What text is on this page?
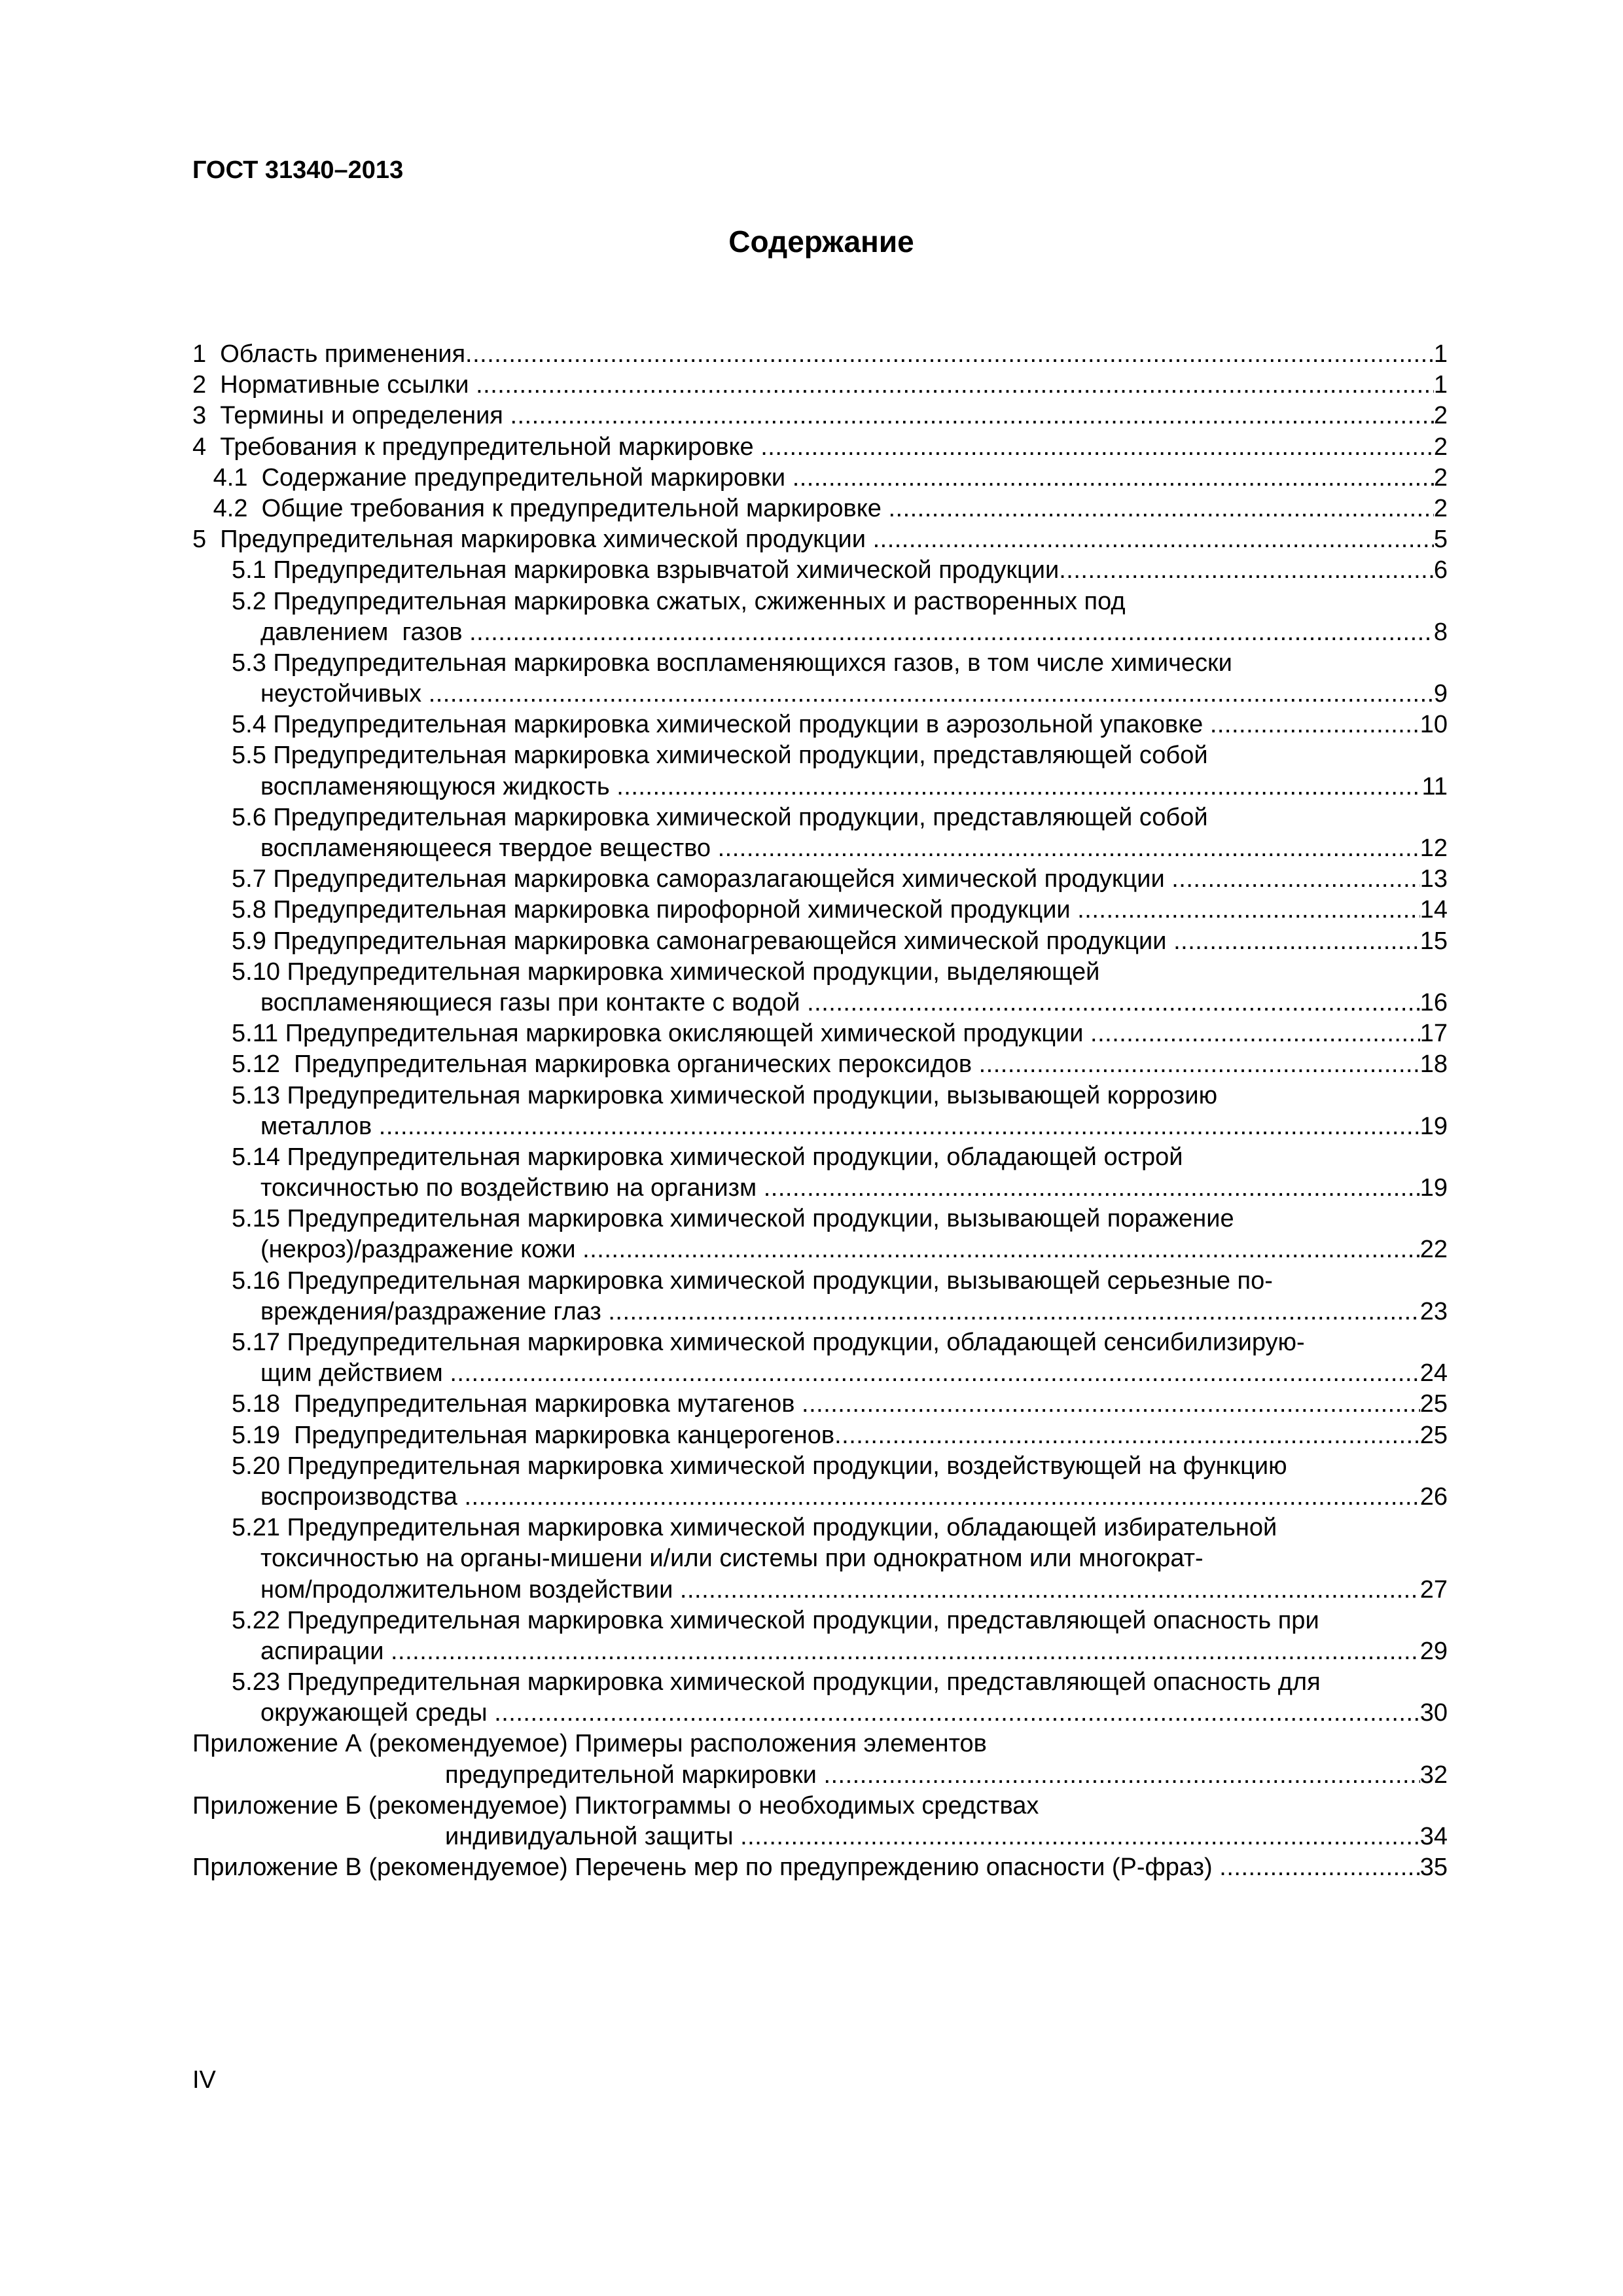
ГОСТ 31340–2013
Содержание
1  Область применения .....	1
2  Нормативные ссылки .....	1
3  Термины и определения .....	2
4  Требования к предупредительной маркировке .....	2
4.1  Содержание предупредительной маркировки .....	2
4.2  Общие требования к предупредительной маркировке .....	2
5  Предупредительная маркировка химической продукции .....	5
5.1 Предупредительная маркировка взрывчатой химической продукции .....	6
5.2 Предупредительная маркировка сжатых, сжиженных и растворенных под
давлением  газов .....	8
5.3 Предупредительная маркировка воспламеняющихся газов, в том числе химически
неустойчивых .....	9
5.4 Предупредительная маркировка химической продукции в аэрозольной упаковке .....	10
5.5 Предупредительная маркировка химической продукции, представляющей собой
воспламеняющуюся жидкость .....	11
5.6 Предупредительная маркировка химической продукции, представляющей собой
воспламеняющееся твердое вещество .....	12
5.7 Предупредительная маркировка саморазлагающейся химической продукции .....	13
5.8 Предупредительная маркировка пирофорной химической продукции .....	14
5.9 Предупредительная маркировка самонагревающейся химической продукции .....	15
5.10 Предупредительная маркировка химической продукции, выделяющей
воспламеняющиеся газы при контакте с водой .....	16
5.11 Предупредительная маркировка окисляющей химической продукции .....	17
5.12  Предупредительная маркировка органических пероксидов .....	18
5.13 Предупредительная маркировка химической продукции, вызывающей коррозию
металлов .....	19
5.14 Предупредительная маркировка химической продукции, обладающей острой
токсичностью по воздействию на организм .....	19
5.15 Предупредительная маркировка химической продукции, вызывающей поражение
(некроз)/раздражение кожи .....	22
5.16 Предупредительная маркировка химической продукции, вызывающей серьезные по-
вреждения/раздражение глаз .....	23
5.17 Предупредительная маркировка химической продукции, обладающей сенсибилизирую-
щим действием .....	24
5.18  Предупредительная маркировка мутагенов .....	25
5.19  Предупредительная маркировка канцерогенов .....	25
5.20 Предупредительная маркировка химической продукции, воздействующей на функцию
воспроизводства .....	26
5.21 Предупредительная маркировка химической продукции, обладающей избирательной
токсичностью на органы-мишени и/или системы при однократном или многократ-
ном/продолжительном воздействии .....	27
5.22 Предупредительная маркировка химической продукции, представляющей опасность при
аспирации .....	29
5.23 Предупредительная маркировка химической продукции, представляющей опасность для
окружающей среды .....	30
Приложение А (рекомендуемое) Примеры расположения элементов
предупредительной маркировки .....	32
Приложение Б (рекомендуемое) Пиктограммы о необходимых средствах
индивидуальной защиты .....	34
Приложение В (рекомендуемое) Перечень мер по предупреждению опасности (Р-фраз) .....	35
IV
